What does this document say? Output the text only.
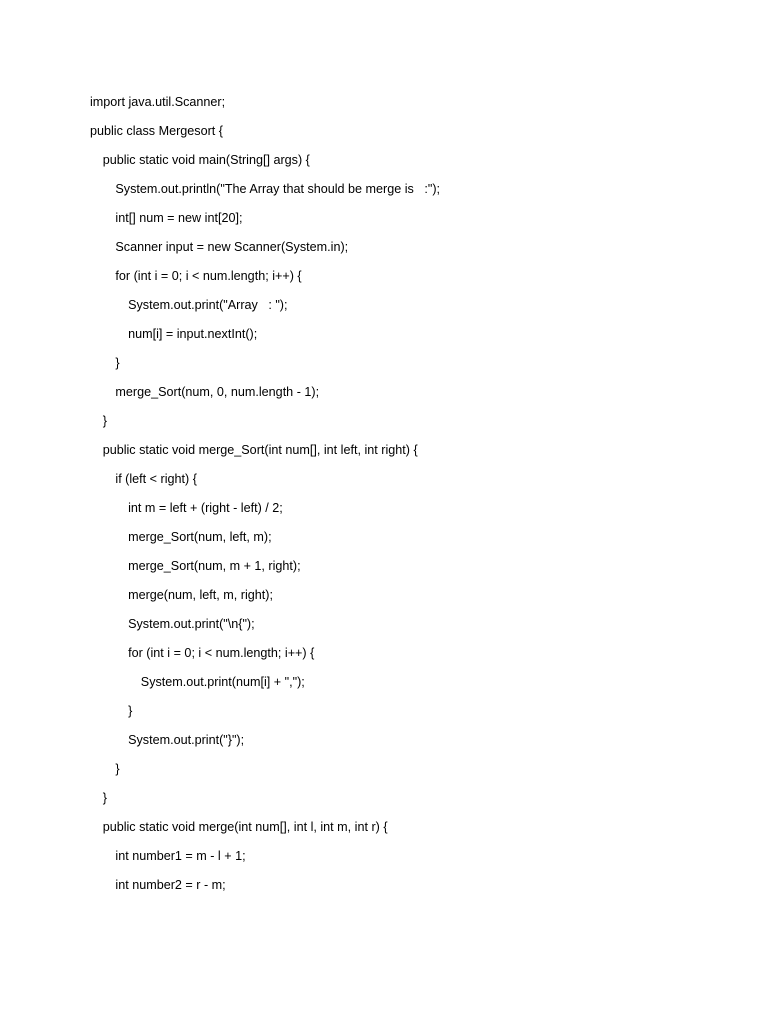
import java.util.Scanner;
public class Mergesort {
public static void main(String[] args) {
System.out.println("The Array that should be merge is   :");
int[] num = new int[20];
Scanner input = new Scanner(System.in);
for (int i = 0; i < num.length; i++) {
System.out.print("Array   : ");
num[i] = input.nextInt();
}
merge_Sort(num, 0, num.length - 1);
}
public static void merge_Sort(int num[], int left, int right) {
if (left < right) {
int m = left + (right - left) / 2;
merge_Sort(num, left, m);
merge_Sort(num, m + 1, right);
merge(num, left, m, right);
System.out.print("\n{");
for (int i = 0; i < num.length; i++) {
System.out.print(num[i] + ",");
}
System.out.print("}");
}
}
public static void merge(int num[], int l, int m, int r) {
int number1 = m - l + 1;
int number2 = r - m;
